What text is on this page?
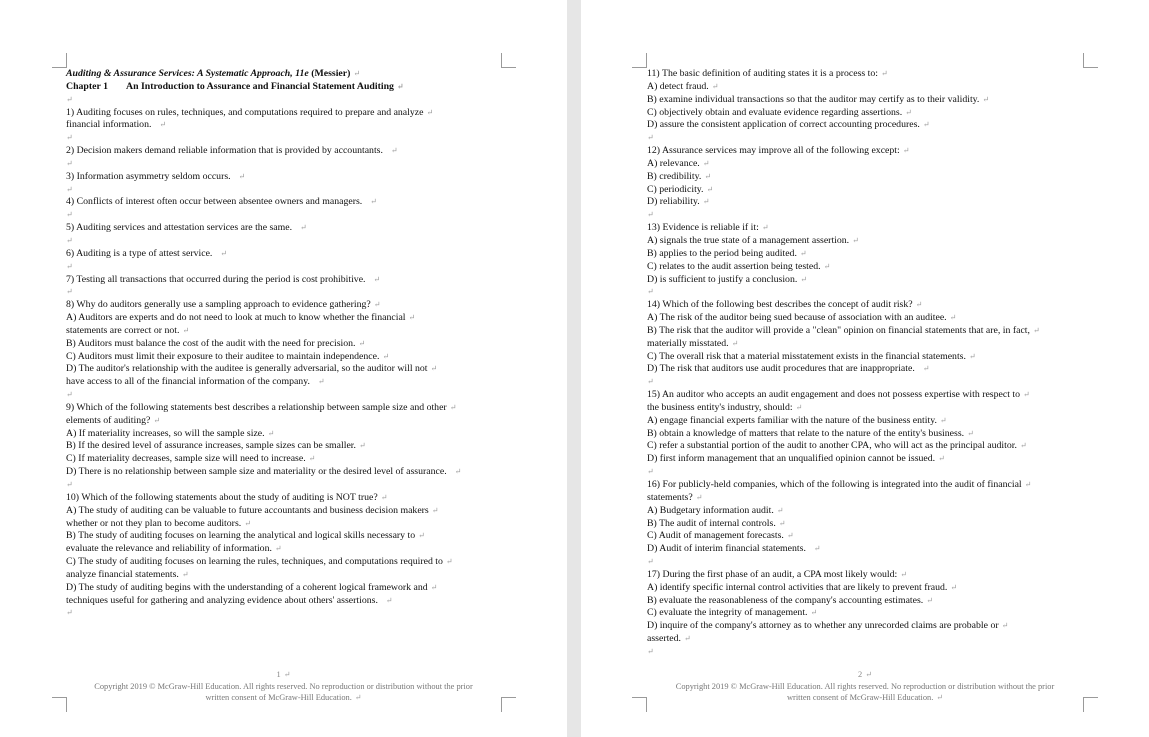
Auditing & Assurance Services: A Systematic Approach, 11e (Messier) ↵
Chapter 1 An Introduction to Assurance and Financial Statement Auditing ↵
↵
1) Auditing focuses on rules, techniques, and computations required to prepare and analyze ↵
financial information.  ↵
↵
2) Decision makers demand reliable information that is provided by accountants.  ↵
↵
3) Information asymmetry seldom occurs.  ↵
↵
4) Conflicts of interest often occur between absentee owners and managers.  ↵
↵
5) Auditing services and attestation services are the same.  ↵
↵
6) Auditing is a type of attest service.  ↵
↵
7) Testing all transactions that occurred during the period is cost prohibitive.  ↵
↵
8) Why do auditors generally use a sampling approach to evidence gathering? ↵
A) Auditors are experts and do not need to look at much to know whether the financial ↵
statements are correct or not. ↵
B) Auditors must balance the cost of the audit with the need for precision. ↵
C) Auditors must limit their exposure to their auditee to maintain independence. ↵
D) The auditor's relationship with the auditee is generally adversarial, so the auditor will not ↵
have access to all of the financial information of the company.  ↵
↵
9) Which of the following statements best describes a relationship between sample size and other ↵
elements of auditing? ↵
A) If materiality increases, so will the sample size. ↵
B) If the desired level of assurance increases, sample sizes can be smaller. ↵
C) If materiality decreases, sample size will need to increase. ↵
D) There is no relationship between sample size and materiality or the desired level of assurance.  ↵
↵
10) Which of the following statements about the study of auditing is NOT true? ↵
A) The study of auditing can be valuable to future accountants and business decision makers ↵
whether or not they plan to become auditors. ↵
B) The study of auditing focuses on learning the analytical and logical skills necessary to ↵
evaluate the relevance and reliability of information. ↵
C) The study of auditing focuses on learning the rules, techniques, and computations required to ↵
analyze financial statements. ↵
D) The study of auditing begins with the understanding of a coherent logical framework and ↵
techniques useful for gathering and analyzing evidence about others' assertions.  ↵
↵
1 ↵
Copyright 2019 © McGraw-Hill Education. All rights reserved. No reproduction or distribution without the prior
written consent of McGraw-Hill Education. ↵
11) The basic definition of auditing states it is a process to: ↵
A) detect fraud. ↵
B) examine individual transactions so that the auditor may certify as to their validity. ↵
C) objectively obtain and evaluate evidence regarding assertions. ↵
D) assure the consistent application of correct accounting procedures. ↵
↵
12) Assurance services may improve all of the following except: ↵
A) relevance. ↵
B) credibility. ↵
C) periodicity. ↵
D) reliability. ↵
↵
13) Evidence is reliable if it: ↵
A) signals the true state of a management assertion. ↵
B) applies to the period being audited. ↵
C) relates to the audit assertion being tested. ↵
D) is sufficient to justify a conclusion. ↵
↵
14) Which of the following best describes the concept of audit risk? ↵
A) The risk of the auditor being sued because of association with an auditee. ↵
B) The risk that the auditor will provide a "clean" opinion on financial statements that are, in fact, ↵
materially misstated. ↵
C) The overall risk that a material misstatement exists in the financial statements. ↵
D) The risk that auditors use audit procedures that are inappropriate.  ↵
↵
15) An auditor who accepts an audit engagement and does not possess expertise with respect to ↵
the business entity's industry, should: ↵
A) engage financial experts familiar with the nature of the business entity. ↵
B) obtain a knowledge of matters that relate to the nature of the entity's business. ↵
C) refer a substantial portion of the audit to another CPA, who will act as the principal auditor. ↵
D) first inform management that an unqualified opinion cannot be issued. ↵
↵
16) For publicly-held companies, which of the following is integrated into the audit of financial ↵
statements? ↵
A) Budgetary information audit. ↵
B) The audit of internal controls. ↵
C) Audit of management forecasts. ↵
D) Audit of interim financial statements.  ↵
↵
17) During the first phase of an audit, a CPA most likely would: ↵
A) identify specific internal control activities that are likely to prevent fraud. ↵
B) evaluate the reasonableness of the company's accounting estimates. ↵
C) evaluate the integrity of management. ↵
D) inquire of the company's attorney as to whether any unrecorded claims are probable or ↵
asserted. ↵
↵
2 ↵
Copyright 2019 © McGraw-Hill Education. All rights reserved. No reproduction or distribution without the prior
written consent of McGraw-Hill Education. ↵
